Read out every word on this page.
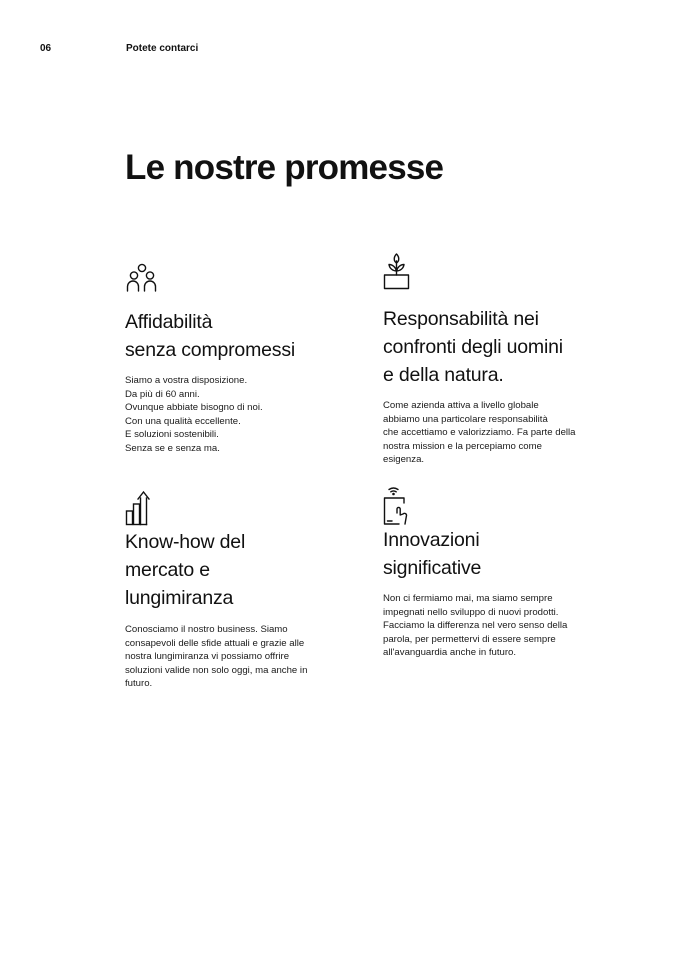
06	Potete contarci
Le nostre promesse

Affidabilità
senza compromessi

Siamo a vostra disposizione.
Da più di 60 anni.
Ovunque abbiate bisogno di noi.
Con una qualità eccellente.
E soluzioni sostenibili.
Senza se e senza ma.

Responsabilità nei
confronti degli uomini
e della natura.

Come azienda attiva a livello globale
abbiamo una particolare responsabilità
che accettiamo e valorizziamo. Fa parte della
nostra mission e la percepiamo come
esigenza.

Know-how del
mercato e
lungimiranza

Conosciamo il nostro business. Siamo
consapevoli delle sfide attuali e grazie alle
nostra lungimiranza vi possiamo offrire
soluzioni valide non solo oggi, ma anche in
futuro.

Innovazioni
significative

Non ci fermiamo mai, ma siamo sempre
impegnati nello sviluppo di nuovi prodotti.
Facciamo la differenza nel vero senso della
parola, per permettervi di essere sempre
all'avanguardia anche in futuro.
